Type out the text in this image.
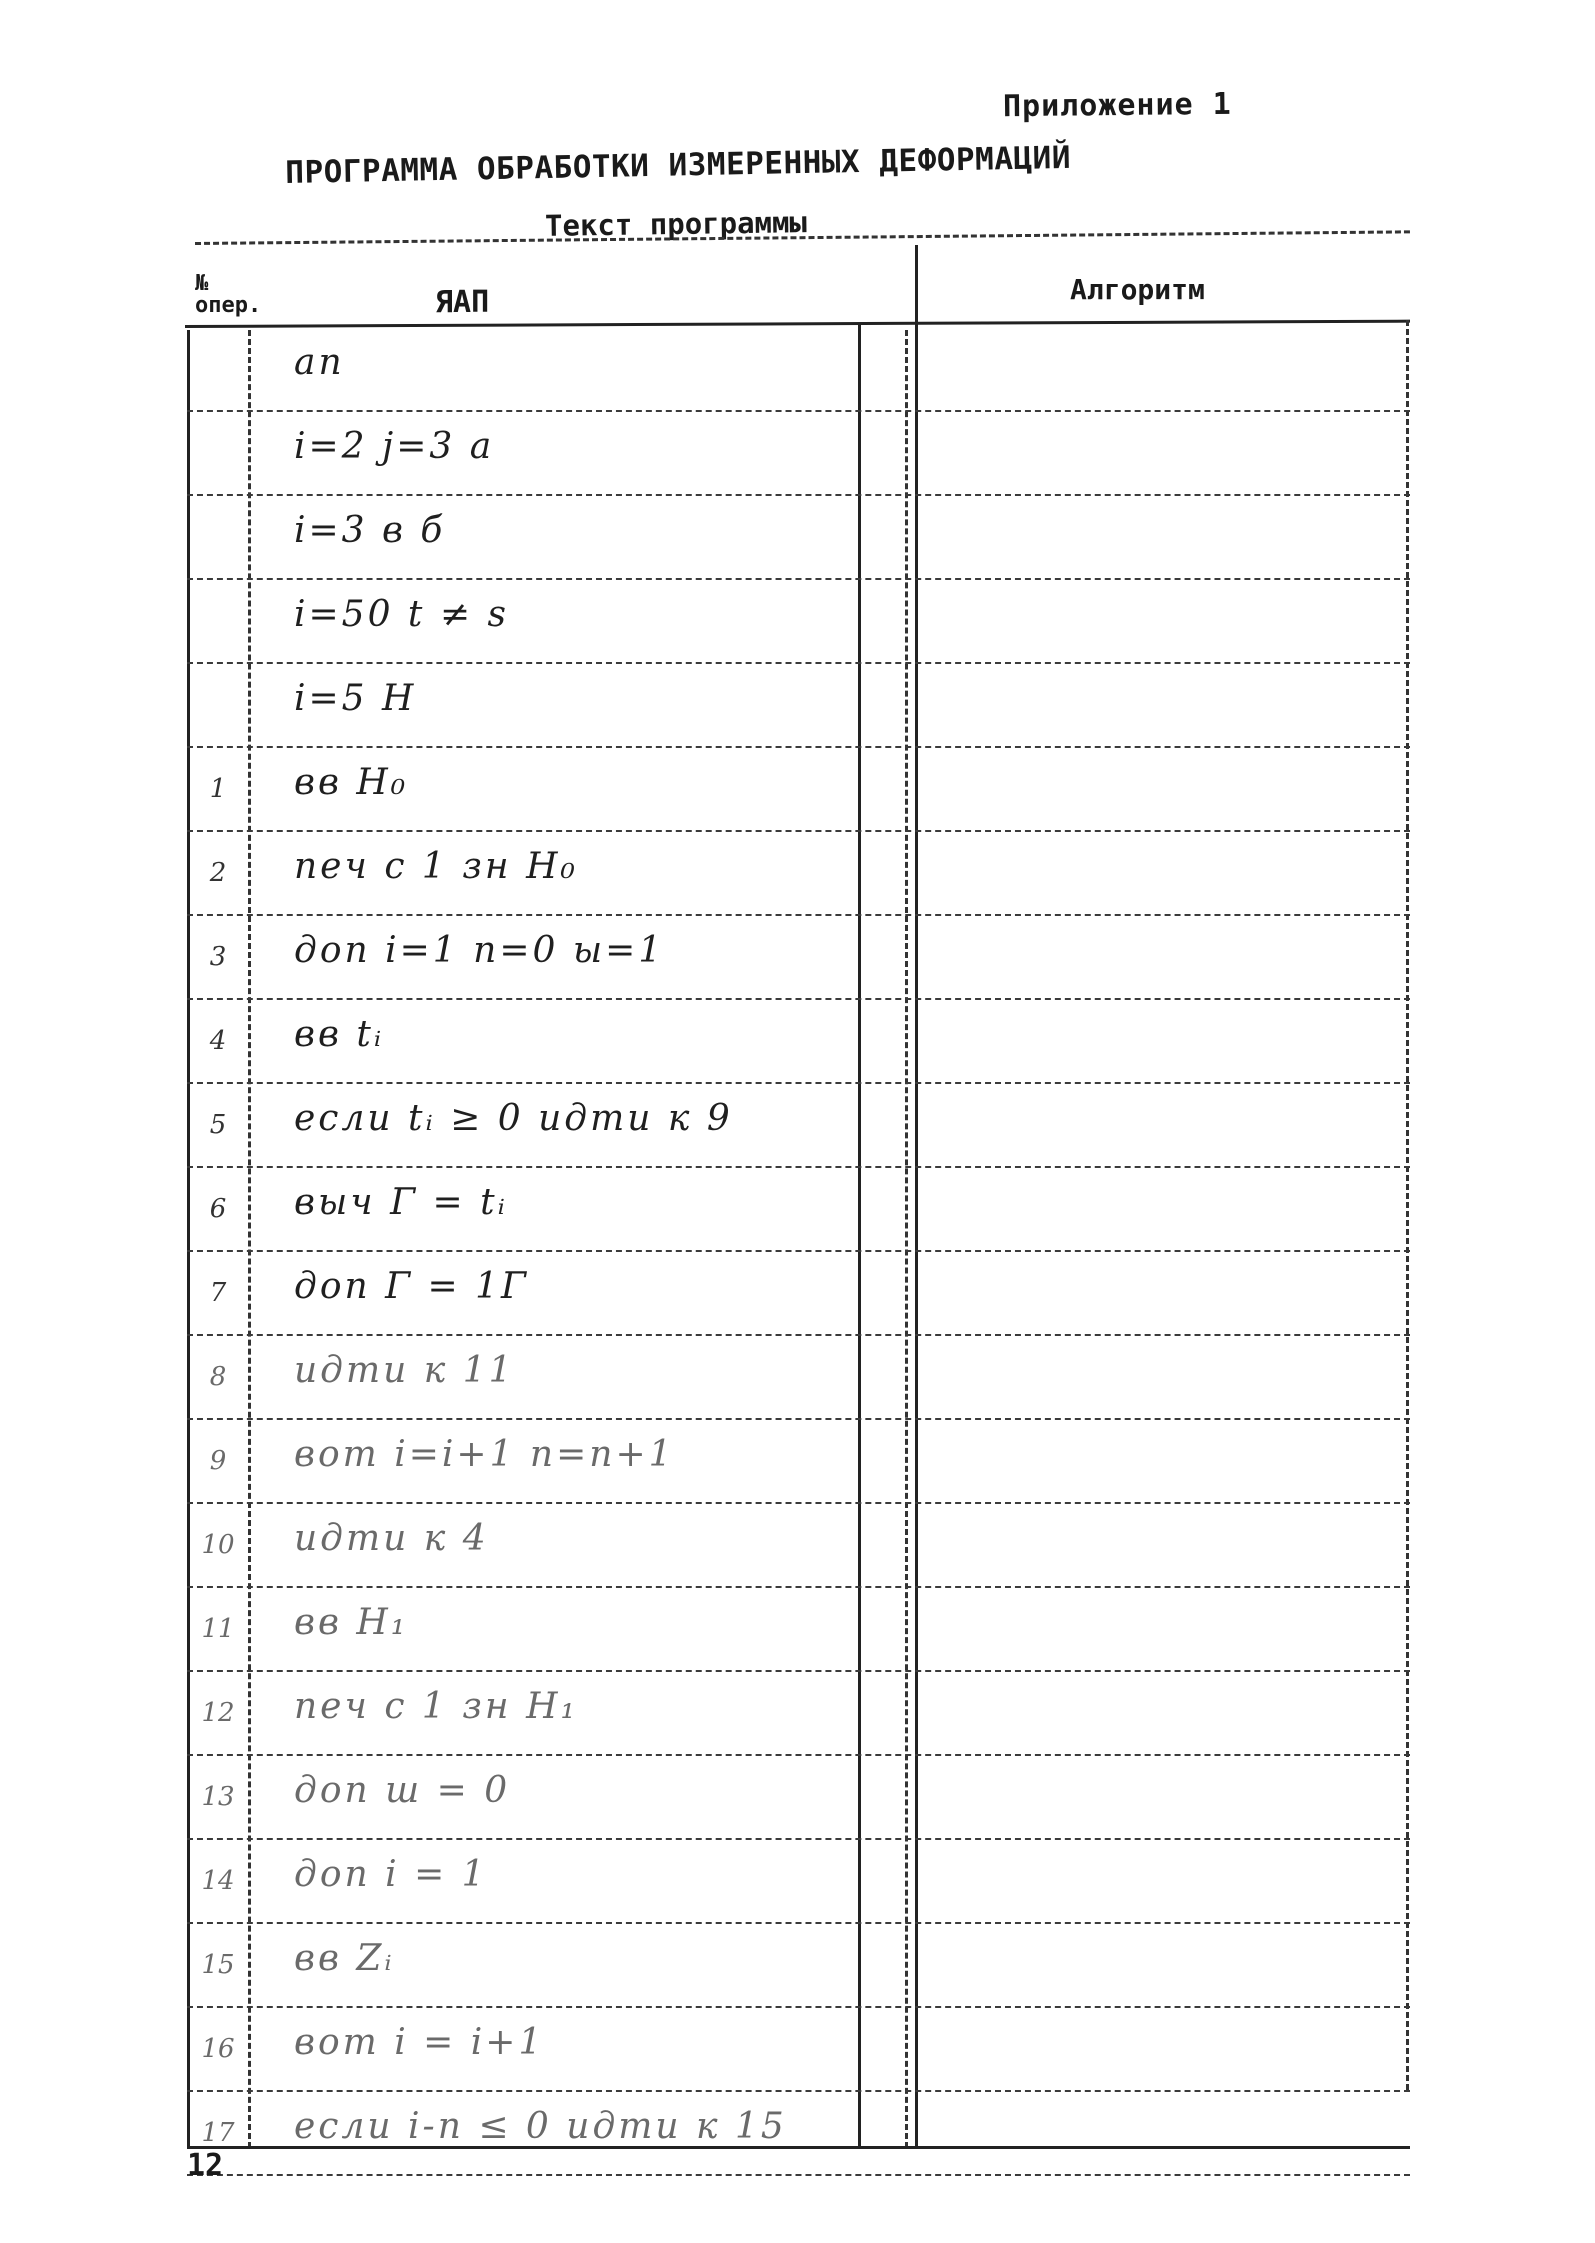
Приложение 1
ПРОГРАММА ОБРАБОТКИ ИЗМЕРЕННЫХ ДЕФОРМАЦИЙ
Текст программы
№ опер.	ЯАП	Алгоритм
ап
i=2 j=3 a
i=3 в б
i=50 t ≠ s
i=5 H
1	вв H₀
2	печ c 1 зн H₀
3	доп i=1 n=0 ы=1
4	вв tᵢ
5	если tᵢ ≥ 0 идти к 9
6	выч Γ = tᵢ
7	доп Γ = 1Γ
8	идти к 11
9	вот i=i+1 n=n+1
10 идти к 4
11 вв H₁
12 печ c 1 зн H₁
13 доп ш = 0
14 доп i = 1
15 вв Zᵢ
16 вот i = i+1
17 если i-n ≤ 0 идти к 15
12
